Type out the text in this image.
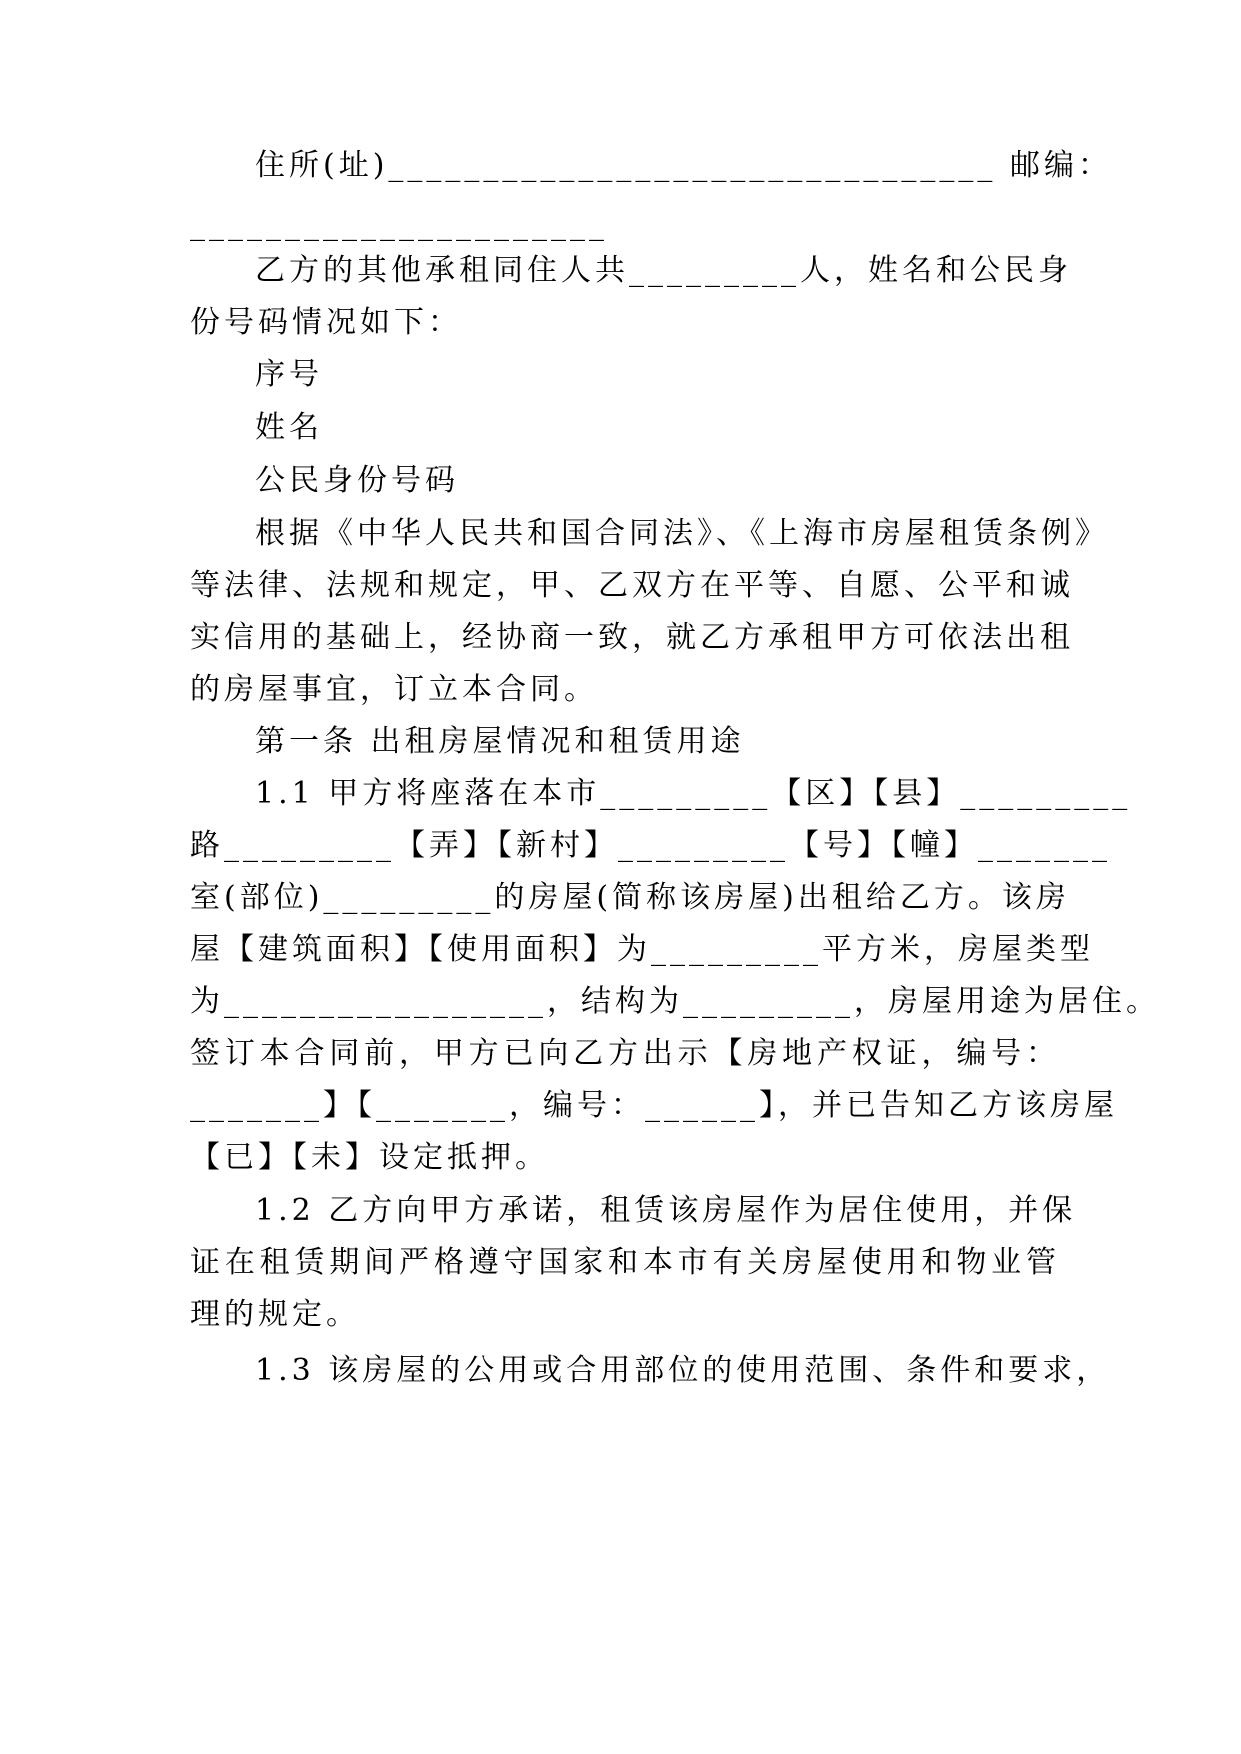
住所(址)________________________________ 邮编：
______________________
乙方的其他承租同住人共_________人，姓名和公民身
份号码情况如下：
序号
姓名
公民身份号码
根据《中华人民共和国合同法》、《上海市房屋租赁条例》
等法律、法规和规定，甲、乙双方在平等、自愿、公平和诚
实信用的基础上，经协商一致，就乙方承租甲方可依法出租
的房屋事宜，订立本合同。
第一条 出租房屋情况和租赁用途
1.1 甲方将座落在本市_________【区】【县】_________
路_________【弄】【新村】_________【号】【幢】_______
室(部位)_________的房屋(简称该房屋)出租给乙方。该房
屋【建筑面积】【使用面积】为_________平方米，房屋类型
为_________________，结构为_________，房屋用途为居住。
签订本合同前，甲方已向乙方出示【房地产权证，编号：
_______】【_______，编号：______】，并已告知乙方该房屋
【已】【未】设定抵押。
1.2 乙方向甲方承诺，租赁该房屋作为居住使用，并保
证在租赁期间严格遵守国家和本市有关房屋使用和物业管
理的规定。
1.3 该房屋的公用或合用部位的使用范围、条件和要求，
